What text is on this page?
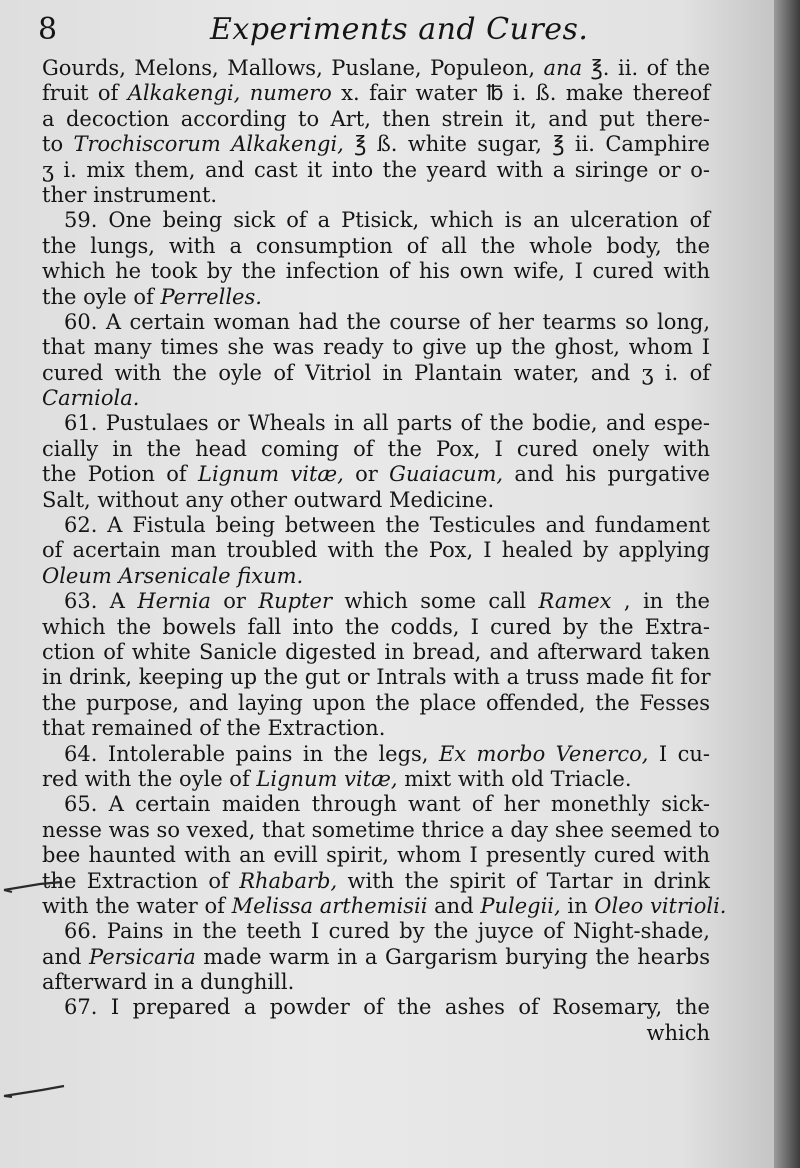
8	Experiments and Cures.
Gourds, Melons, Mallows, Puslane, Populeon, ana ℥. ii. of the
fruit of Alkakengi, numero x. fair water ℔ i. ß. make thereof
a decoction according to Art, then strein it, and put there-
to Trochiscorum Alkakengi, ℥ ß. white sugar, ℥ ii. Camphire
ʒ i. mix them, and cast it into the yeard with a siringe or o-
ther instrument.
59. One being sick of a Ptisick, which is an ulceration of
the lungs, with a consumption of all the whole body, the
which he took by the infection of his own wife, I cured with
the oyle of Perrelles.
60. A certain woman had the course of her tearms so long,
that many times she was ready to give up the ghost, whom I
cured with the oyle of Vitriol in Plantain water, and ʒ i. of
Carniola.
61. Pustulaes or Wheals in all parts of the bodie, and espe-
cially in the head coming of the Pox, I cured onely with
the Potion of Lignum vitæ, or Guaiacum, and his purgative
Salt, without any other outward Medicine.
62. A Fistula being between the Testicules and fundament
of acertain man troubled with the Pox, I healed by applying
Oleum Arsenicale fixum.
63. A Hernia or Rupter which some call Ramex , in the
which the bowels fall into the codds, I cured by the Extra-
ction of white Sanicle digested in bread, and afterward taken
in drink, keeping up the gut or Intrals with a truss made fit for
the purpose, and laying upon the place offended, the Fesses
that remained of the Extraction.
64. Intolerable pains in the legs, Ex morbo Venerco, I cu-
red with the oyle of Lignum vitæ, mixt with old Triacle.
65. A certain maiden through want of her monethly sick-
nesse was so vexed, that sometime thrice a day shee seemed to
bee haunted with an evill spirit, whom I presently cured with
the Extraction of Rhabarb, with the spirit of Tartar in drink
with the water of Melissa arthemisii and Pulegii, in Oleo vitrioli.
66. Pains in the teeth I cured by the juyce of Night-shade,
and Persicaria made warm in a Gargarism burying the hearbs
afterward in a dunghill.
67. I prepared a powder of the ashes of Rosemary, the
which
